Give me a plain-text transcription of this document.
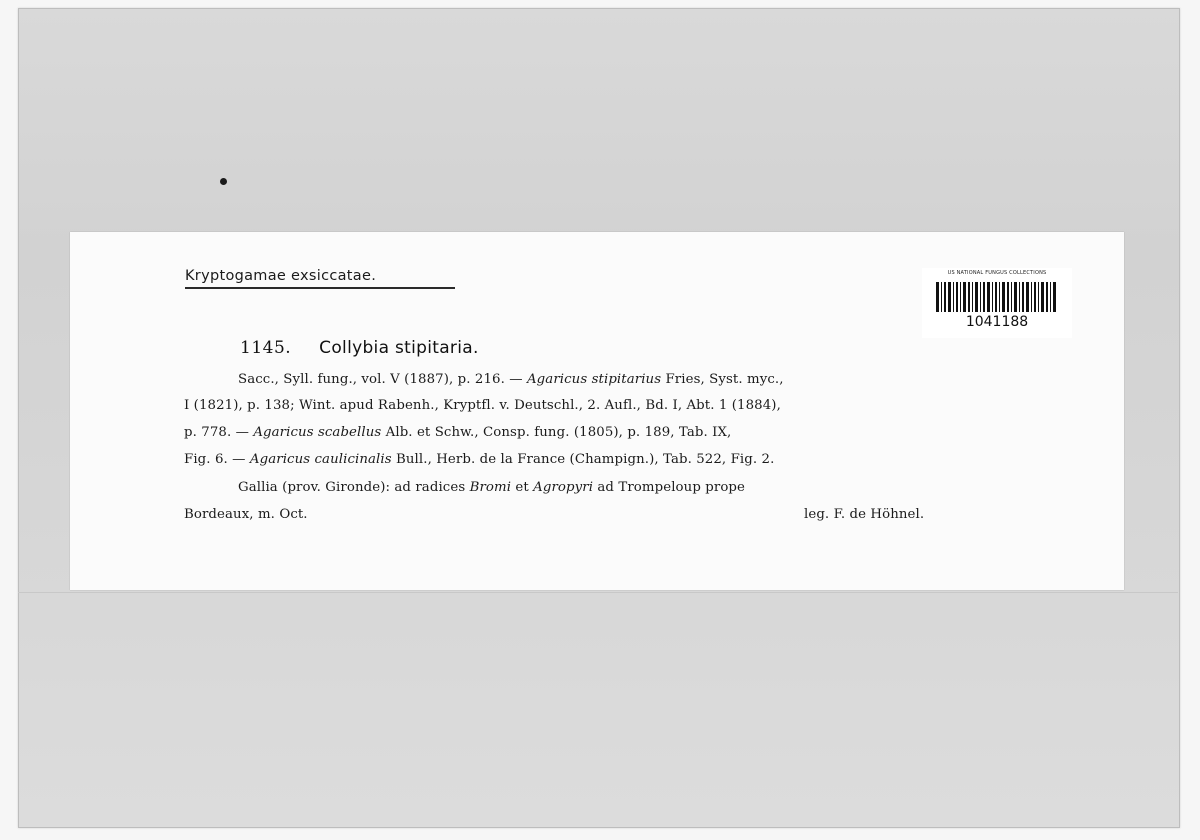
Kryptogamae exsiccatae.	US NATIONAL FUNGUS COLLECTIONS
1041188
1145. Collybia stipitaria.
Sacc., Syll. fung., vol. V (1887), p. 216. — Agaricus stipitarius Fries, Syst. myc.,
I (1821), p. 138; Wint. apud Rabenh., Kryptfl. v. Deutschl., 2. Aufl., Bd. I, Abt. 1 (1884),
p. 778. — Agaricus scabellus Alb. et Schw., Consp. fung. (1805), p. 189, Tab. IX,
Fig. 6. — Agaricus caulicinalis Bull., Herb. de la France (Champign.), Tab. 522, Fig. 2.
Gallia (prov. Gironde): ad radices Bromi et Agropyri ad Trompeloup prope
Bordeaux, m. Oct.	leg. F. de Höhnel.
